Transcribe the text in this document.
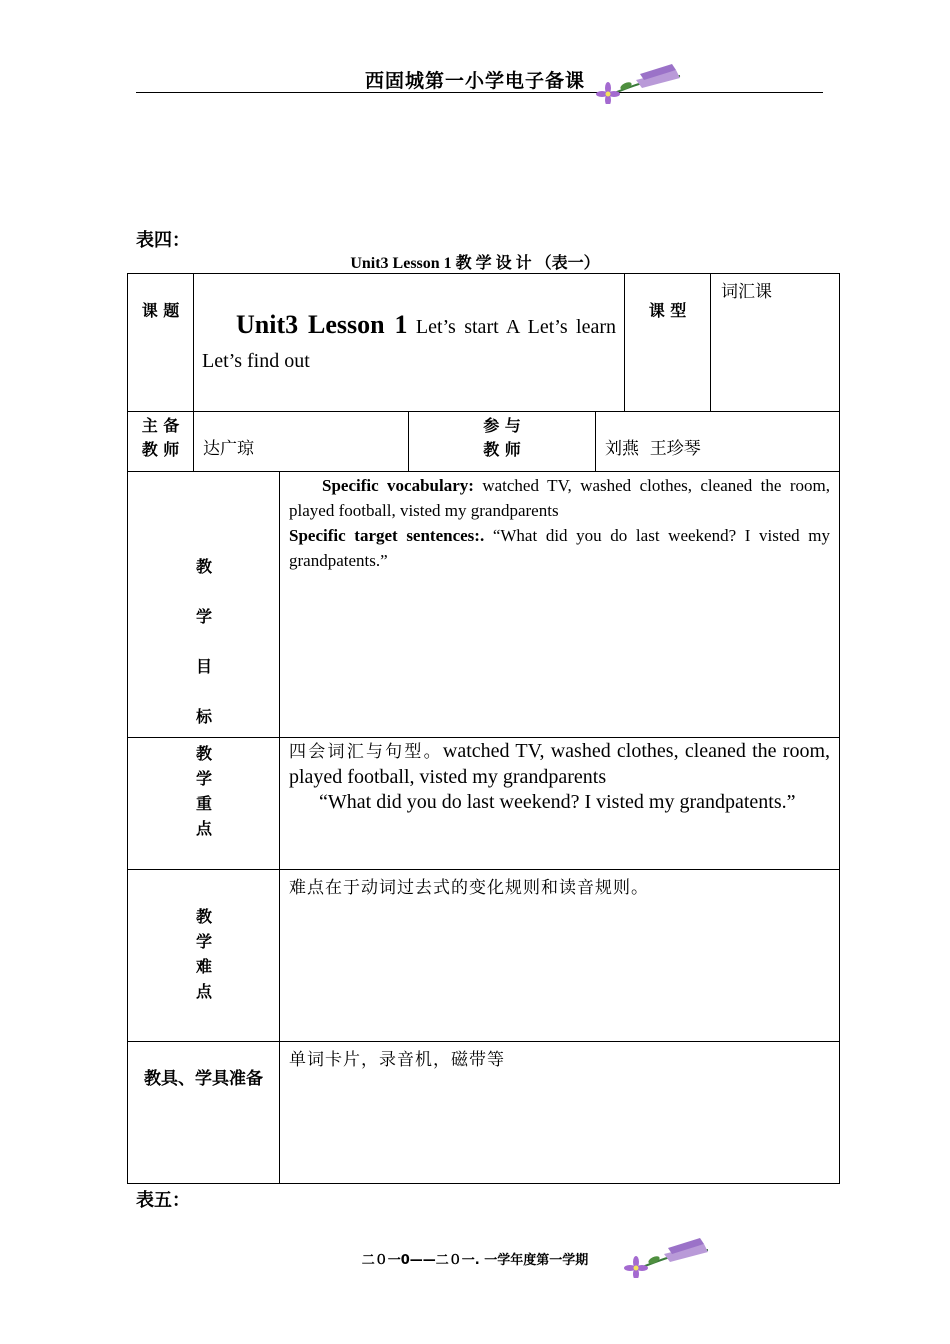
西固城第一小学电子备课
表四：
Unit3 Lesson 1 教 学 设 计 （表一）
课 题	Unit3 Lesson 1 Let’s start A Let’s learn Let’s find out
课 型
词汇课
主 备 教 师 达广琼
参 与 教 师	刘燕  王珍琴
教 学 目 标
Specific vocabulary: watched TV, washed clothes, cleaned the room, played football, visted my grandparents
Specific target sentences:. “What did you do last weekend? I visted my grandpatents.”
教 学 重 点
四会词汇与句型。watched TV, washed clothes, cleaned the room, played football, visted my grandparents
“What did you do last weekend? I visted my grandpatents.”
教 学 难 点
难点在于动词过去式的变化规则和读音规则。
教具、学具准备
单词卡片，录音机，磁带等
表五：
二０一0——二０一. 一学年度第一学期
